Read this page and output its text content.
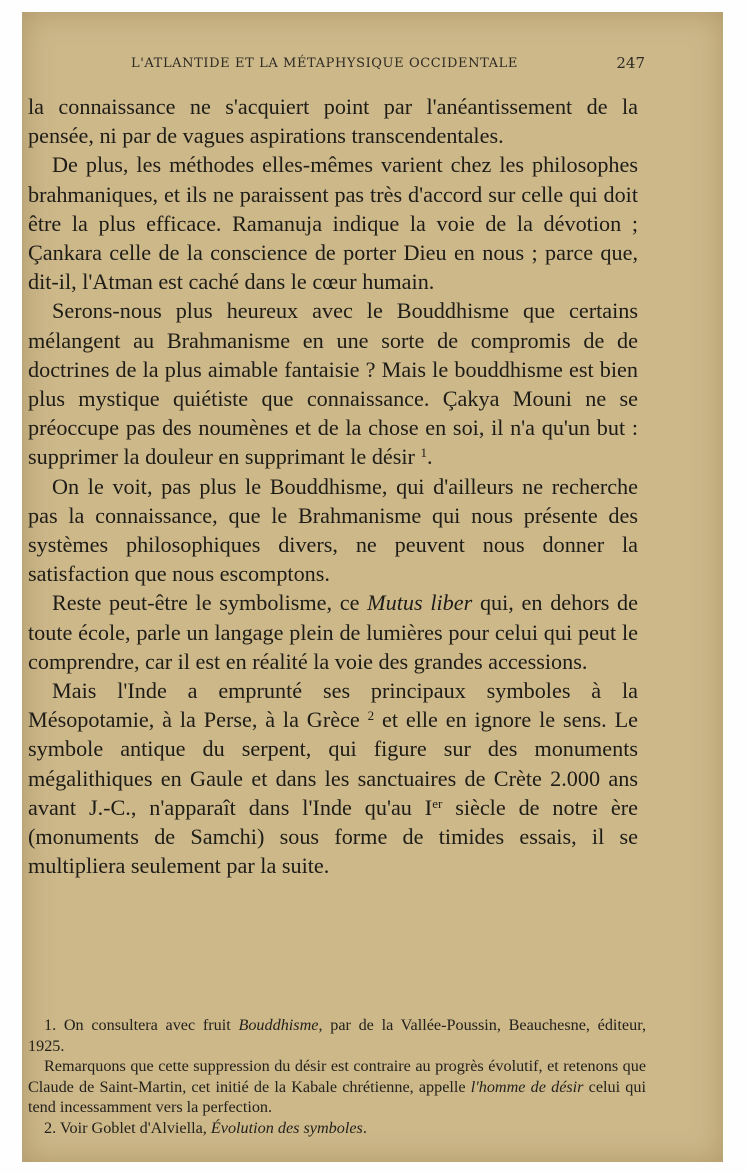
L'ATLANTIDE ET LA MÉTAPHYSIQUE OCCIDENTALE	247

la connaissance ne s'acquiert point par l'anéantissement de la pensée, ni par de vagues aspirations transcendentales.

De plus, les méthodes elles-mêmes varient chez les philosophes brahmaniques, et ils ne paraissent pas très d'accord sur celle qui doit être la plus efficace. Ramanuja indique la voie de la dévotion ; Çankara celle de la conscience de porter Dieu en nous ; parce que, dit-il, l'Atman est caché dans le cœur humain.

Serons-nous plus heureux avec le Bouddhisme que certains mélangent au Brahmanisme en une sorte de compromis de de doctrines de la plus aimable fantaisie ? Mais le bouddhisme est bien plus mystique quiétiste que connaissance. Çakya Mouni ne se préoccupe pas des noumènes et de la chose en soi, il n'a qu'un but : supprimer la douleur en supprimant le désir $^1$.

On le voit, pas plus le Bouddhisme, qui d'ailleurs ne recherche pas la connaissance, que le Brahmanisme qui nous présente des systèmes philosophiques divers, ne peuvent nous donner la satisfaction que nous escomptons.

Reste peut-être le symbolisme, ce Mutus liber qui, en dehors de toute école, parle un langage plein de lumières pour celui qui peut le comprendre, car il est en réalité la voie des grandes accessions.

Mais l'Inde a emprunté ses principaux symboles à la Mésopotamie, à la Perse, à la Grèce $^2$ et elle en ignore le sens. Le symbole antique du serpent, qui figure sur des monuments mégalithiques en Gaule et dans les sanctuaires de Crète 2.000 ans avant J.-C., n'apparaît dans l'Inde qu'au Ier siècle de notre ère (monuments de Samchi) sous forme de timides essais, il se multipliera seulement par la suite.

1. On consultera avec fruit Bouddhisme, par de la Vallée-Poussin, Beauchesne, éditeur, 1925.

Remarquons que cette suppression du désir est contraire au progrès évolutif, et retenons que Claude de Saint-Martin, cet initié de la Kabale chrétienne, appelle l'homme de désir celui qui tend incessamment vers la perfection.

2. Voir Goblet d'Alviella, Évolution des symboles.
